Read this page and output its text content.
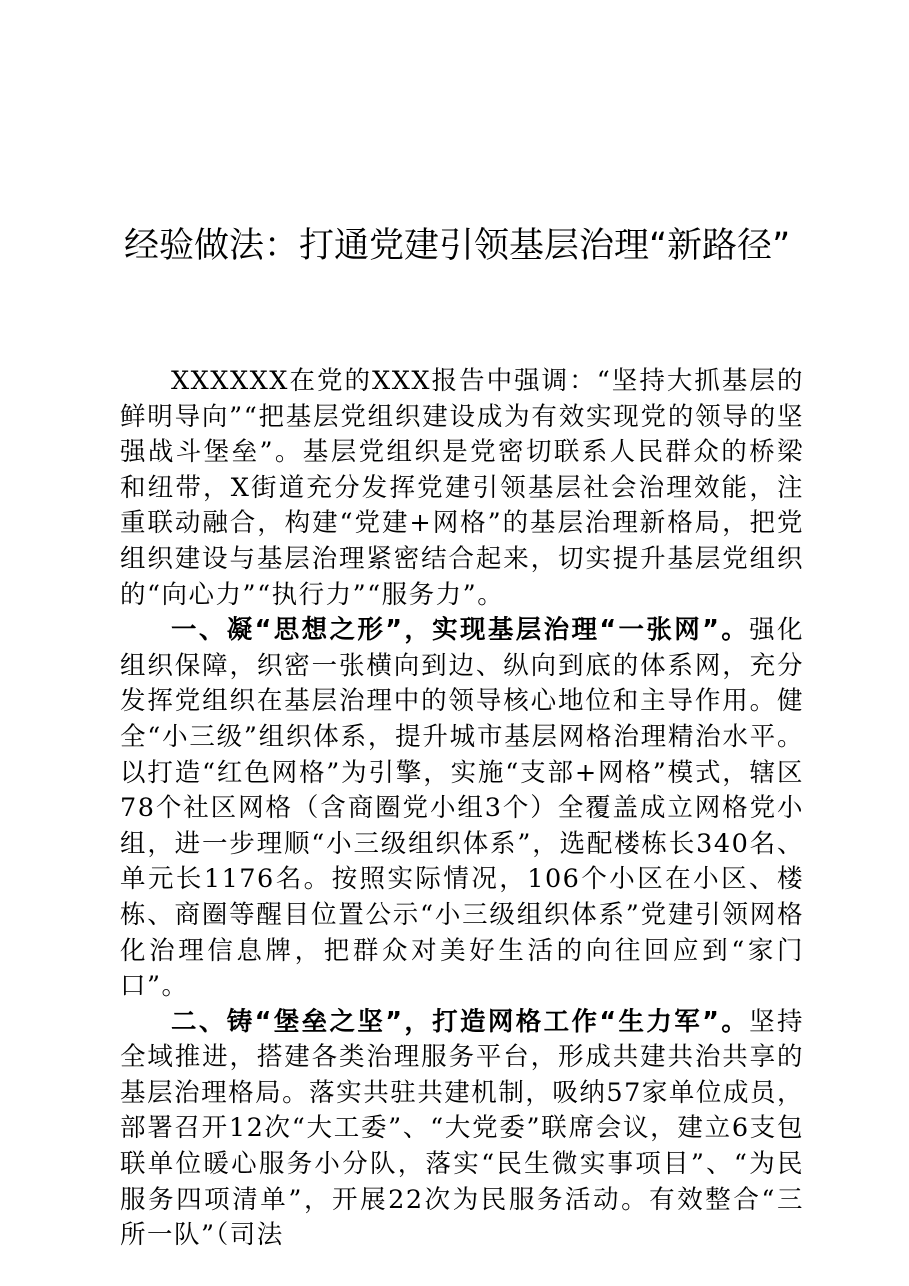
经验做法：打通党建引领基层治理“新路径”

XXXXXX在党的XXX报告中强调：“坚持大抓基层的鲜明导向”“把基层党组织建设成为有效实现党的领导的坚强战斗堡垒”。基层党组织是党密切联系人民群众的桥梁和纽带，X街道充分发挥党建引领基层社会治理效能，注重联动融合，构建“党建+网格”的基层治理新格局，把党组织建设与基层治理紧密结合起来，切实提升基层党组织的“向心力”“执行力”“服务力”。

一、凝“思想之形”，实现基层治理“一张网”。强化组织保障，织密一张横向到边、纵向到底的体系网，充分发挥党组织在基层治理中的领导核心地位和主导作用。健全“小三级”组织体系，提升城市基层网格治理精治水平。以打造“红色网格”为引擎，实施“支部+网格”模式，辖区78个社区网格（含商圈党小组3个）全覆盖成立网格党小组，进一步理顺“小三级组织体系”，选配楼栋长340名、单元长1176名。按照实际情况，106个小区在小区、楼栋、商圈等醒目位置公示“小三级组织体系”党建引领网格化治理信息牌，把群众对美好生活的向往回应到“家门口”。

二、铸“堡垒之坚”，打造网格工作“生力军”。坚持全域推进，搭建各类治理服务平台，形成共建共治共享的基层治理格局。落实共驻共建机制，吸纳57家单位成员，部署召开12次“大工委”、“大党委”联席会议，建立6支包联单位暖心服务小分队，落实“民生微实事项目”、“为民服务四项清单”，开展22次为民服务活动。有效整合“三所一队”（司法
